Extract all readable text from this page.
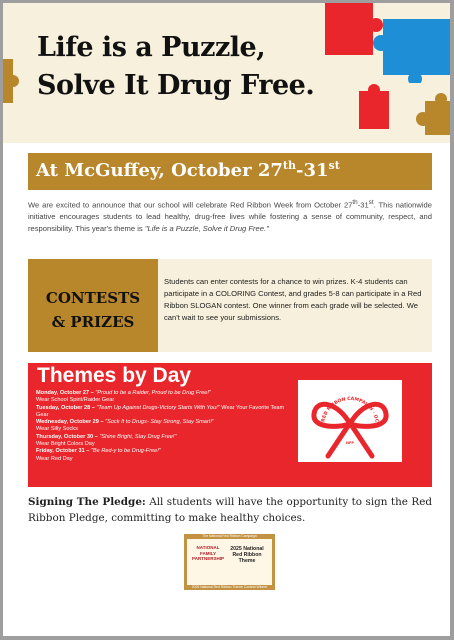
Life is a Puzzle,
Solve It Drug Free.
At McGuffey, October 27th-31st
We are excited to announce that our school will celebrate Red Ribbon Week from October 27th-31st. This nationwide initiative encourages students to lead healthy, drug-free lives while fostering a sense of community, respect, and responsibility. This year's theme is "Life is a Puzzle, Solve it Drug Free."
CONTESTS
& PRIZES
Students can enter contests for a chance to win prizes. K-4 students can participate in a COLORING Contest, and grades 5-8 can participate in a Red Ribbon SLOGAN contest. One winner from each grade will be selected. We can't wait to see your submissions.
Themes by Day
Monday, October 27 – "Proud to be a Raider, Proud to be Drug Free!"
Wear School Spirit/Raider Gear
Tuesday, October 28 – "Team Up Against Drugs-Victory Starts With You!" Wear Your Favorite Team Gear
Wednesday, October 29 – "Sock It to Drugs- Stay Strong, Stay Smart!"
Wear Silly Socks
Thursday, October 30 – "Shine Bright, Stay Drug Free!"
Wear Bright Colors Day
Friday, October 31 – "Be Red-y to be Drug-Free!"
Wear Red Day
RED RIBBON CAMPAIGN · OCT
NFP
Signing The Pledge: All students will have the opportunity to sign the Red Ribbon Pledge, committing to make healthy choices.
The National Red Ribbon Campaign
NATIONAL FAMILY PARTNERSHIP
2025 National
Red Ribbon
Theme
2025 National Red Ribbon Theme Contest Winner
